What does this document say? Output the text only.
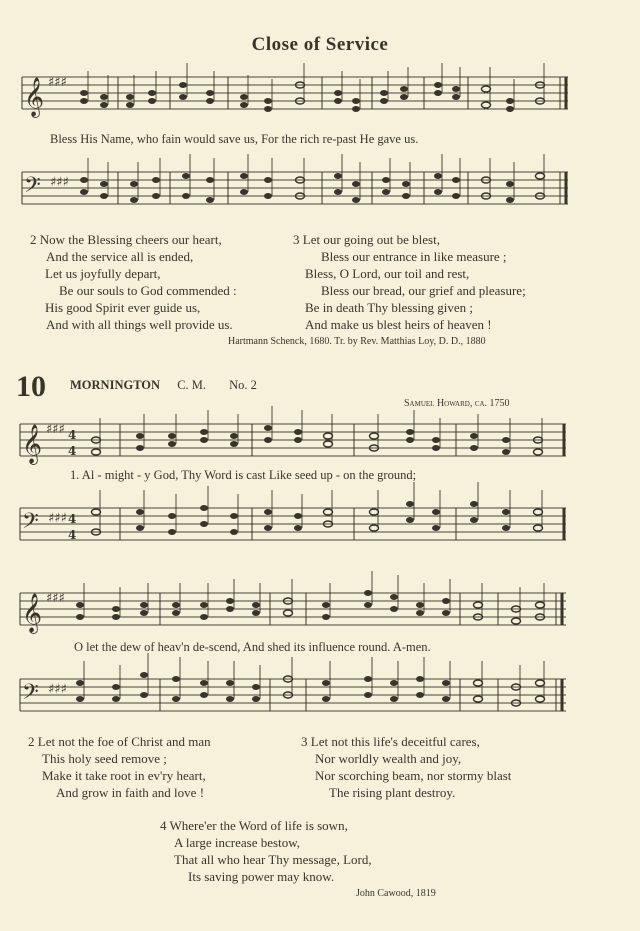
Close of Service
𝄞 ♯♯♯
Bless His Name, who fain would save us, For the rich re-past He gave us.
𝄢 ♯♯♯
2 Now the Blessing cheers our heart,
And the service all is ended,
Let us joyfully depart,
Be our souls to God commended :
His good Spirit ever guide us,
And with all things well provide us.
3 Let our going out be blest,
Bless our entrance in like measure ;
Bless, O Lord, our toil and rest,
Bless our bread, our grief and pleasure;
Be in death Thy blessing given ;
And make us blest heirs of heaven !
Hartmann Schenck, 1680. Tr. by Rev. Matthias Loy, D. D., 1880
10 MORNINGTON C. M. No. 2
Samuel Howard, ca. 1750
𝄞 ♯♯♯ 4
4
1. Al - might - y God, Thy Word is cast Like seed up - on the ground;
𝄢 ♯♯♯ 4
4
𝄞 ♯♯♯
O let the dew of heav'n de-scend, And shed its influence round. A-men.
𝄢 ♯♯♯
2 Let not the foe of Christ and man
This holy seed remove ;
Make it take root in ev'ry heart,
And grow in faith and love !
3 Let not this life's deceitful cares,
Nor worldly wealth and joy,
Nor scorching beam, nor stormy blast
The rising plant destroy.
4 Where'er the Word of life is sown,
A large increase bestow,
That all who hear Thy message, Lord,
Its saving power may know.
John Cawood, 1819
